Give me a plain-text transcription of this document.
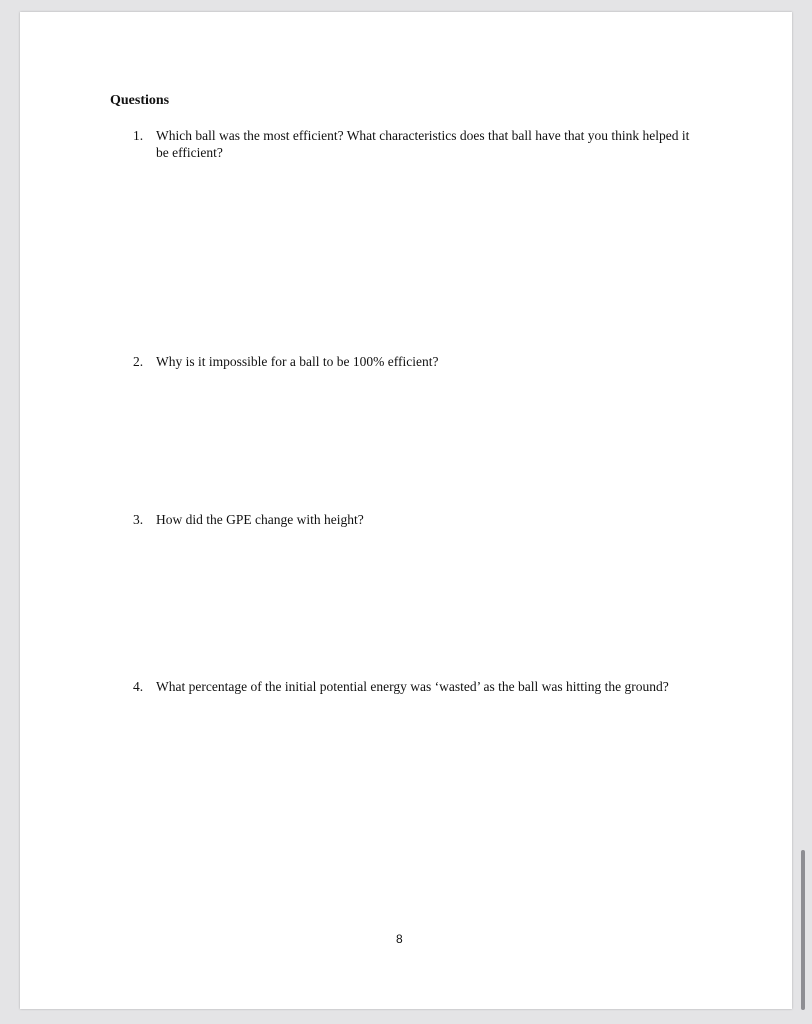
Questions
1. Which ball was the most efficient? What characteristics does that ball have that you think helped it be efficient?
2. Why is it impossible for a ball to be 100% efficient?
3. How did the GPE change with height?
4. What percentage of the initial potential energy was ‘wasted’ as the ball was hitting the ground?
8
